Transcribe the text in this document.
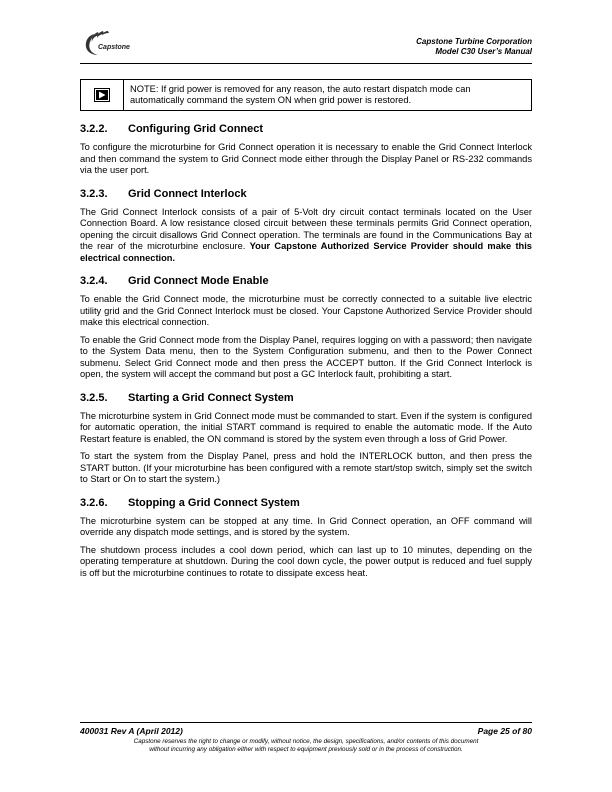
Capstone
Capstone Turbine Corporation
Model C30 User’s Manual
NOTE: If grid power is removed for any reason, the auto restart dispatch mode can automatically command the system ON when grid power is restored.
3.2.2.	Configuring Grid Connect

To configure the microturbine for Grid Connect operation it is necessary to enable the Grid Connect Interlock and then command the system to Grid Connect mode either through the Display Panel or RS-232 commands via the user port.

3.2.3.	Grid Connect Interlock

The Grid Connect Interlock consists of a pair of 5-Volt dry circuit contact terminals located on the User Connection Board. A low resistance closed circuit between these terminals permits Grid Connect operation, opening the circuit disallows Grid Connect operation. The terminals are found in the Communications Bay at the rear of the microturbine enclosure. Your Capstone Authorized Service Provider should make this electrical connection.

3.2.4.	Grid Connect Mode Enable

To enable the Grid Connect mode, the microturbine must be correctly connected to a suitable live electric utility grid and the Grid Connect Interlock must be closed. Your Capstone Authorized Service Provider should make this electrical connection.

To enable the Grid Connect mode from the Display Panel, requires logging on with a password; then navigate to the System Data menu, then to the System Configuration submenu, and then to the Power Connect submenu. Select Grid Connect mode and then press the ACCEPT button. If the Grid Connect Interlock is open, the system will accept the command but post a GC Interlock fault, prohibiting a start.

3.2.5.	Starting a Grid Connect System

The microturbine system in Grid Connect mode must be commanded to start. Even if the system is configured for automatic operation, the initial START command is required to enable the automatic mode. If the Auto Restart feature is enabled, the ON command is stored by the system even through a loss of Grid Power.

To start the system from the Display Panel, press and hold the INTERLOCK button, and then press the START button. (If your microturbine has been configured with a remote start/stop switch, simply set the switch to Start or On to start the system.)

3.2.6.	Stopping a Grid Connect System

The microturbine system can be stopped at any time. In Grid Connect operation, an OFF command will override any dispatch mode settings, and is stored by the system.

The shutdown process includes a cool down period, which can last up to 10 minutes, depending on the operating temperature at shutdown. During the cool down cycle, the power output is reduced and fuel supply is off but the microturbine continues to rotate to dissipate excess heat.

400031 Rev A (April 2012)	Page 25 of 80
Capstone reserves the right to change or modify, without notice, the design, specifications, and/or contents of this document
without incurring any obligation either with respect to equipment previously sold or in the process of construction.
